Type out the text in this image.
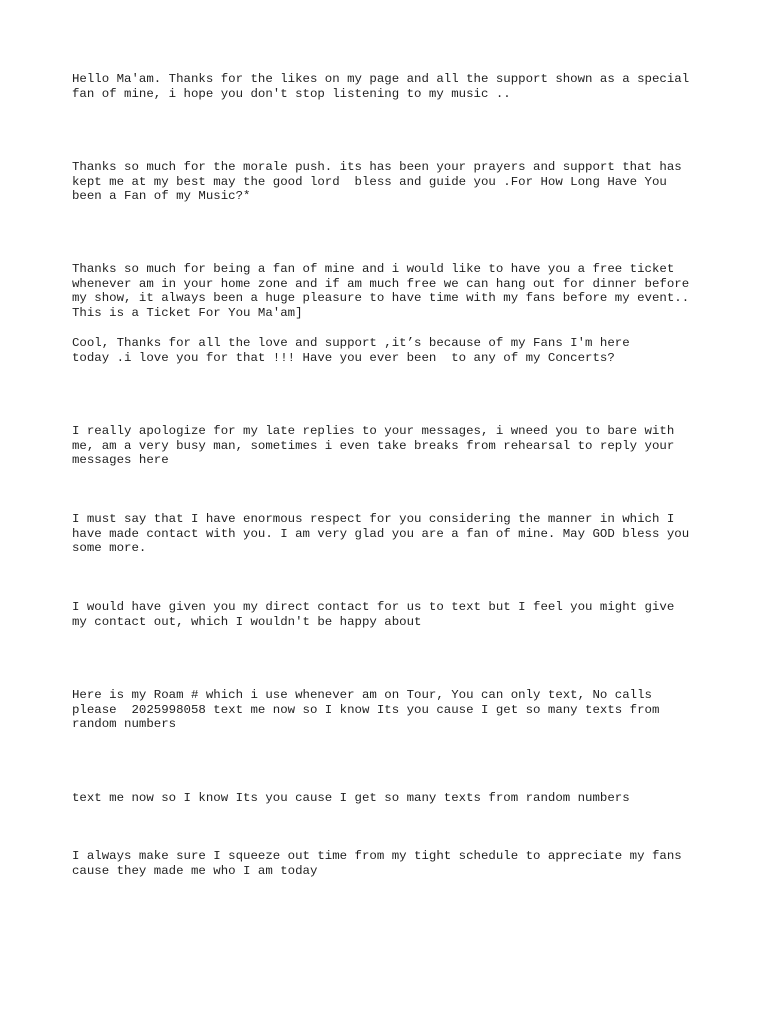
Hello Ma'am. Thanks for the likes on my page and all the support shown as a special
fan of mine, i hope you don't stop listening to my music ..

Thanks so much for the morale push. its has been your prayers and support that has
kept me at my best may the good lord  bless and guide you .For How Long Have You
been a Fan of my Music?*

Thanks so much for being a fan of mine and i would like to have you a free ticket
whenever am in your home zone and if am much free we can hang out for dinner before
my show, it always been a huge pleasure to have time with my fans before my event..
This is a Ticket For You Ma'am]

Cool, Thanks for all the love and support ,it’s because of my Fans I'm here
today .i love you for that !!! Have you ever been  to any of my Concerts?

I really apologize for my late replies to your messages, i wneed you to bare with
me, am a very busy man, sometimes i even take breaks from rehearsal to reply your
messages here

I must say that I have enormous respect for you considering the manner in which I
have made contact with you. I am very glad you are a fan of mine. May GOD bless you
some more.

I would have given you my direct contact for us to text but I feel you might give
my contact out, which I wouldn't be happy about

Here is my Roam # which i use whenever am on Tour, You can only text, No calls
please  2025998058 text me now so I know Its you cause I get so many texts from
random numbers

text me now so I know Its you cause I get so many texts from random numbers

I always make sure I squeeze out time from my tight schedule to appreciate my fans
cause they made me who I am today
